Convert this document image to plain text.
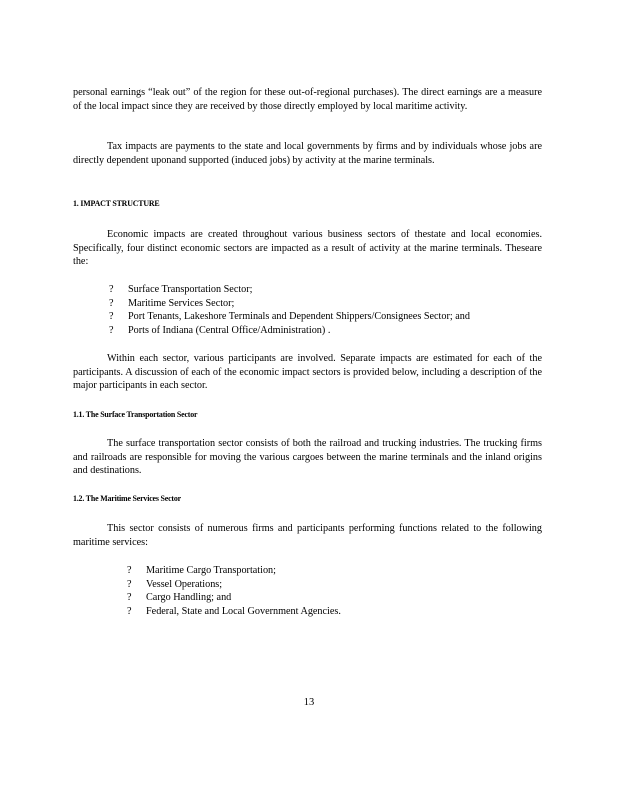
personal earnings “leak out” of the region for these out-of-regional purchases). The direct earnings are a measure of the local impact since they are received by those directly employed by local maritime activity.

Tax impacts are payments to the state and local governments by firms and by individuals whose jobs are directly dependent uponand supported (induced jobs) by activity at the marine terminals.

1. IMPACT STRUCTURE

Economic impacts are created throughout various business sectors of thestate and local economies. Specifically, four distinct economic sectors are impacted as a result of activity at the marine terminals. Theseare the:

? Surface Transportation Sector;
? Maritime Services Sector;
? Port Tenants, Lakeshore Terminals and Dependent Shippers/Consignees Sector; and
? Ports of Indiana (Central Office/Administration) .

Within each sector, various participants are involved. Separate impacts are estimated for each of the participants. A discussion of each of the economic impact sectors is provided below, including a description of the major participants in each sector.

1.1. The Surface Transportation Sector

The surface transportation sector consists of both the railroad and trucking industries. The trucking firms and railroads are responsible for moving the various cargoes between the marine terminals and the inland origins and destinations.

1.2. The Maritime Services Sector

This sector consists of numerous firms and participants performing functions related to the following maritime services:

? Maritime Cargo Transportation;
? Vessel Operations;
? Cargo Handling; and
? Federal, State and Local Government Agencies.
13
